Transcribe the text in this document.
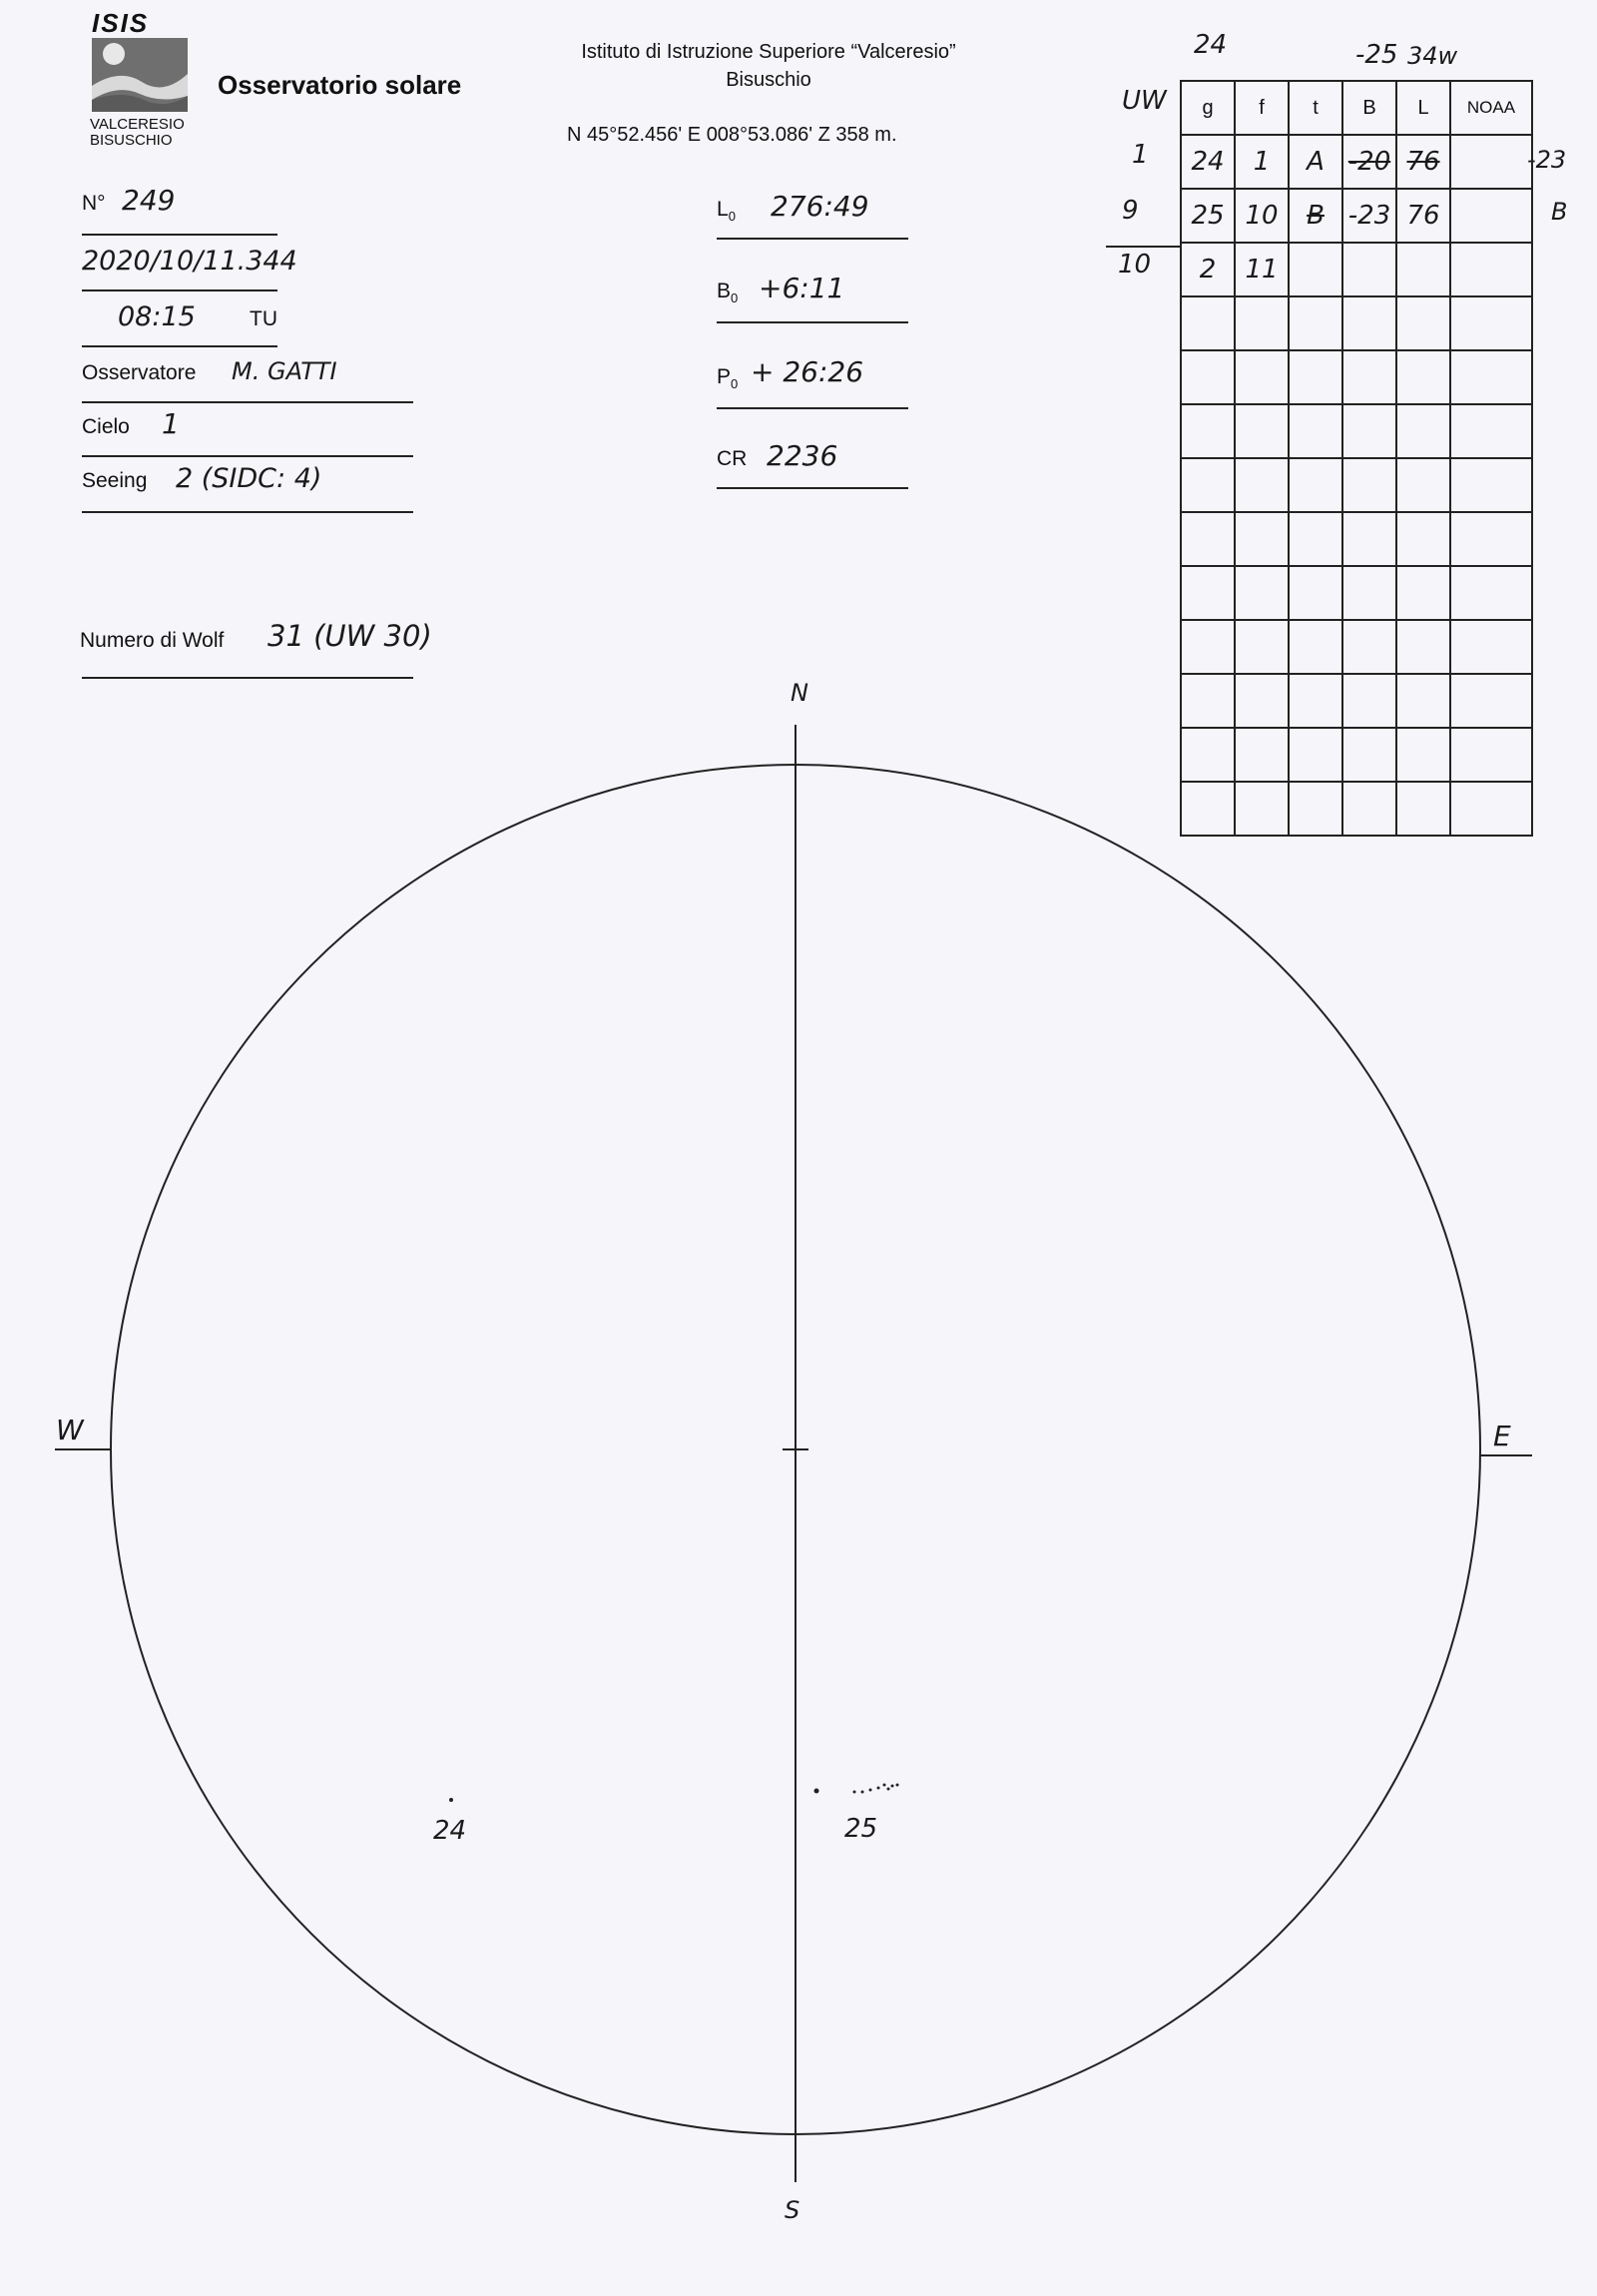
ISIS
VALCERESIO
BISUSCHIO
Osservatorio solare
Istituto di Istruzione Superiore “Valceresio”
Bisuschio
N 45°52.456' E 008°53.086' Z 358 m.
N° 249
2020/10/11.344
08:15	TU
Osservatore M. GATTI
Cielo 1
Seeing 2 (SIDC: 4)
Numero di Wolf 31 (UW 30)
$L_0$ 276:49
$B_0$ +6:11
$P_0$ + 26:26
CR 2236
24	-25 34w
UW
1
9
10
-23
B
g	f	t	B	L	NOAA
24	1	A	-20	76	
25	10	B	-23	76	
2	11				

N
S
W	E
24	25
